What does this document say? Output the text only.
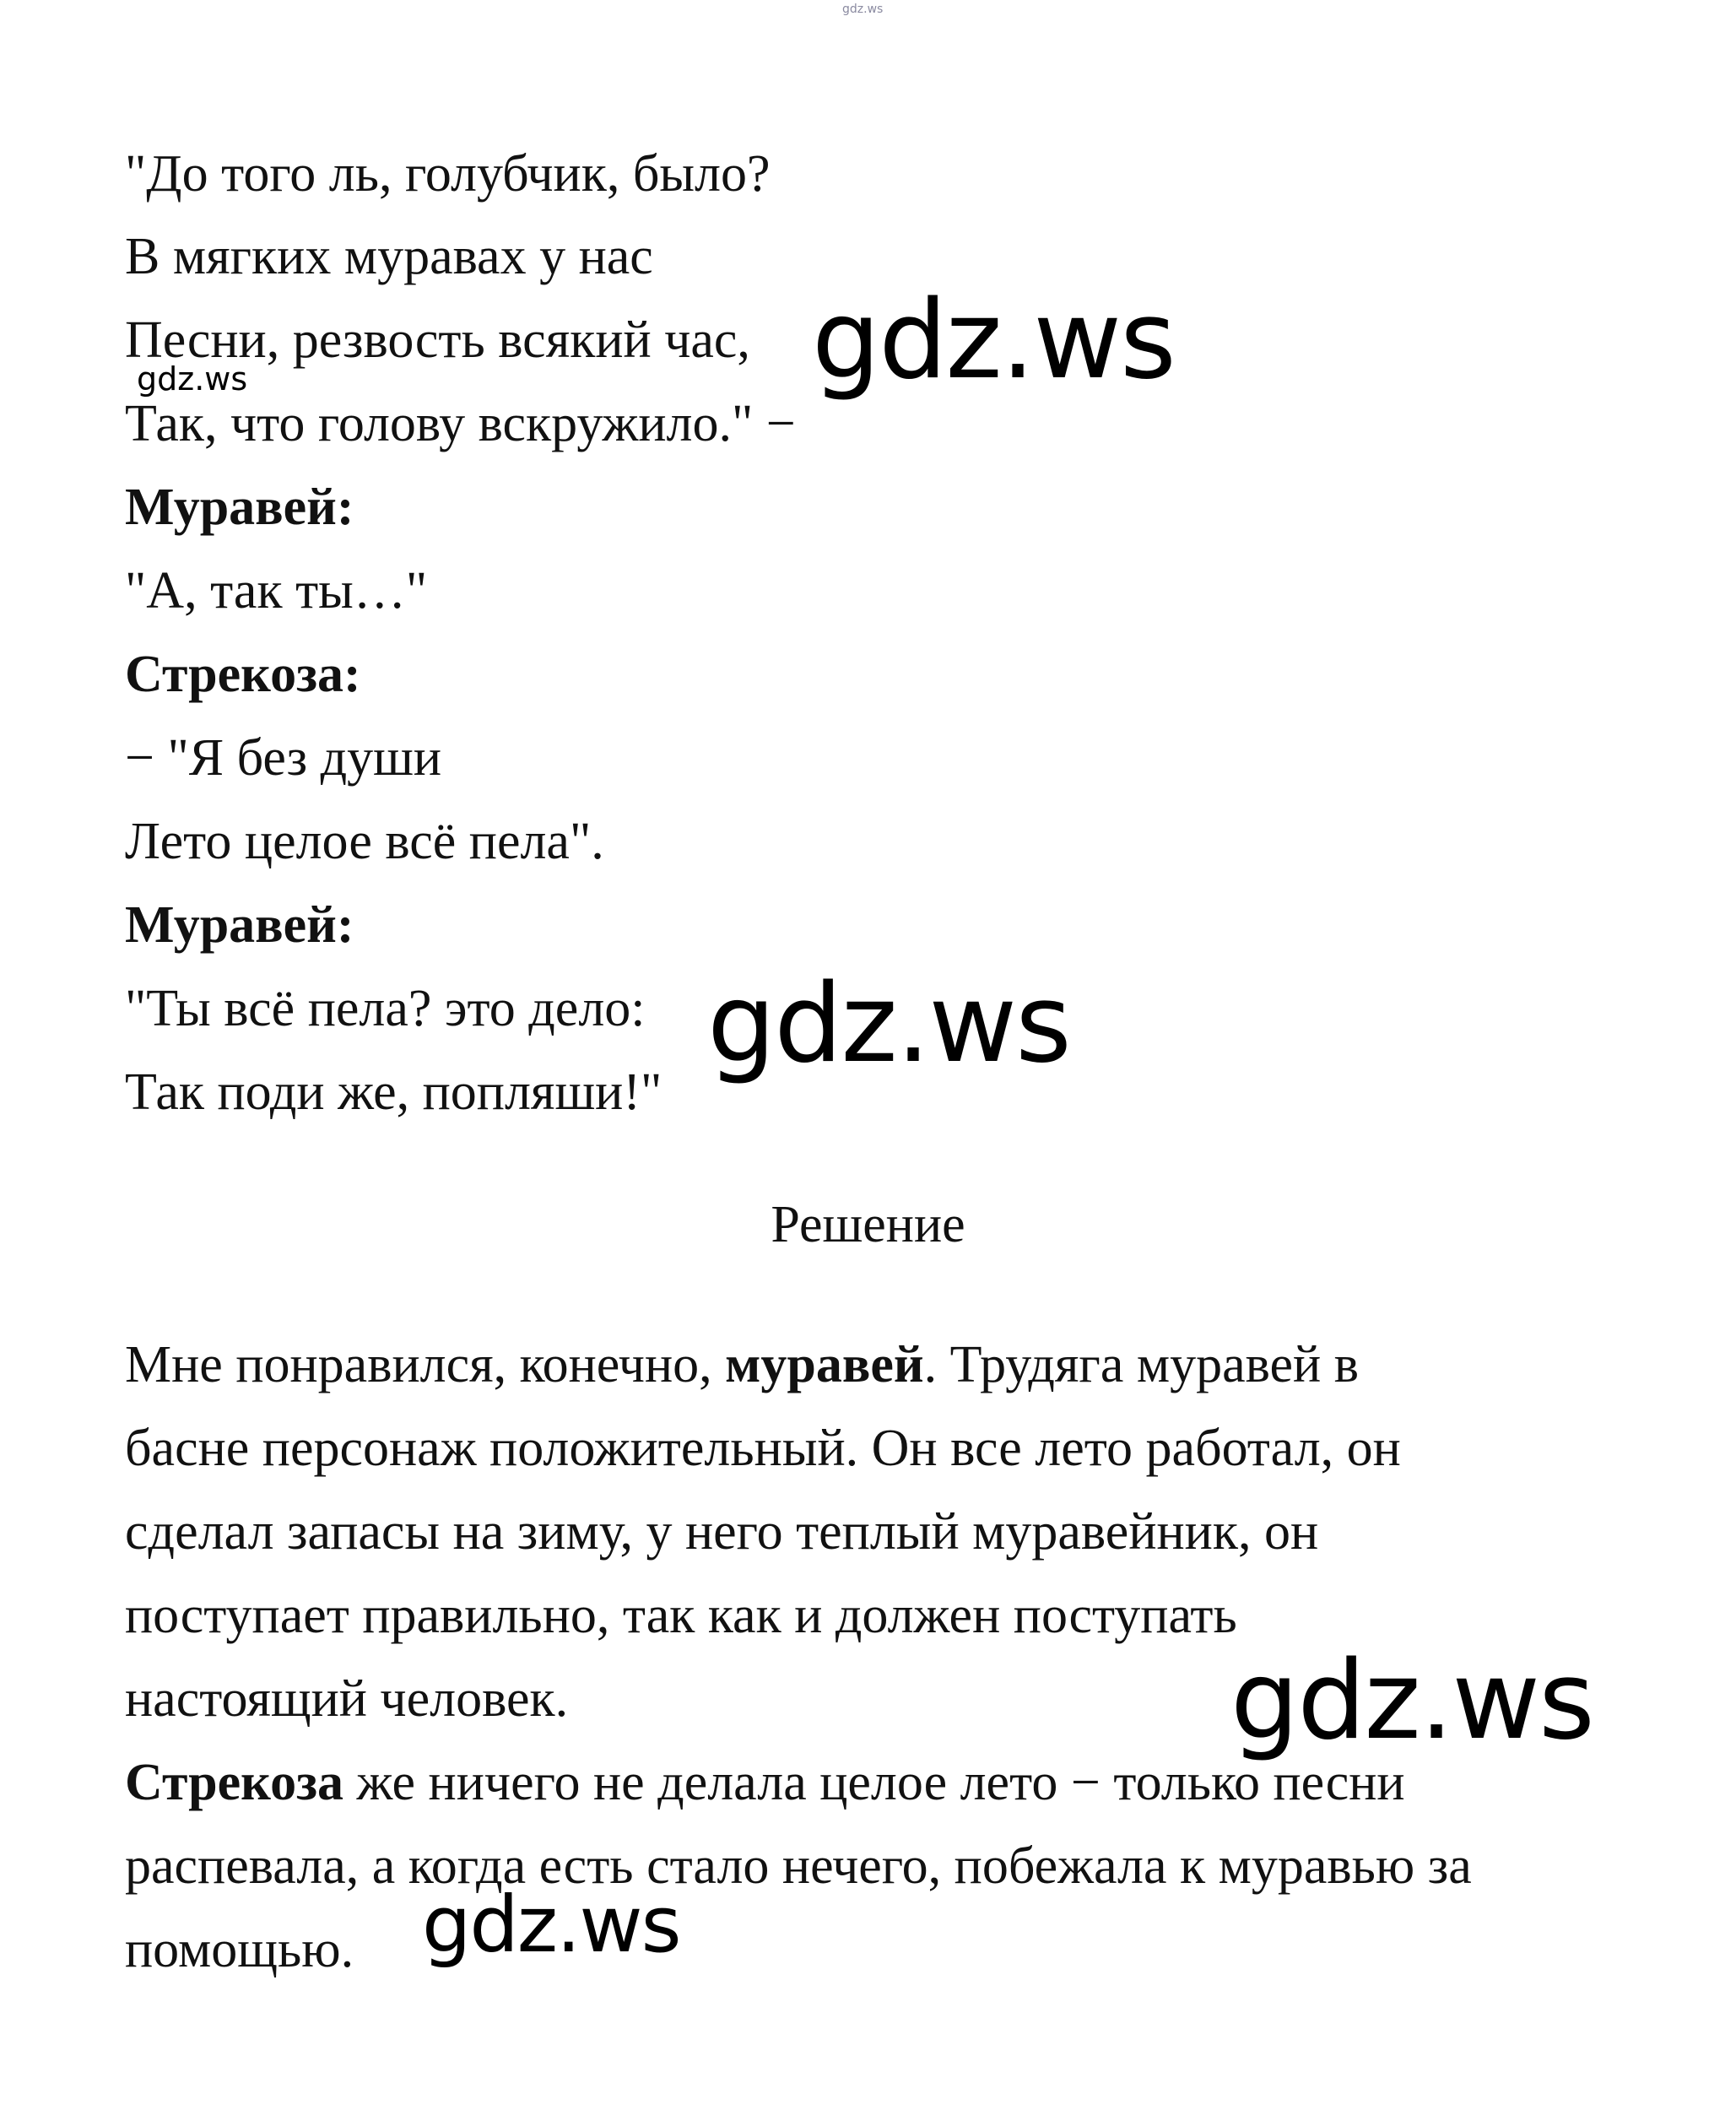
gdz.ws
"До того ль, голубчик, было?
В мягких муравах у нас
Песни, резвость всякий час,
Так, что голову вскружило." −
Муравей:
"А, так ты…"
Стрекоза:
− "Я без души
Лето целое всё пела".
Муравей:
"Ты всё пела? это дело:
Так поди же, попляши!"
Решение
Мне понравился, конечно, муравей. Трудяга муравей в
басне персонаж положительный. Он все лето работал, он
сделал запасы на зиму, у него теплый муравейник, он
поступает правильно, так как и должен поступать
настоящий человек.
Стрекоза же ничего не делала целое лето − только песни
распевала, а когда есть стало нечего, побежала к муравью за
помощью.
gdz.ws	gdz.ws
gdz.ws
gdz.ws
gdz.ws
